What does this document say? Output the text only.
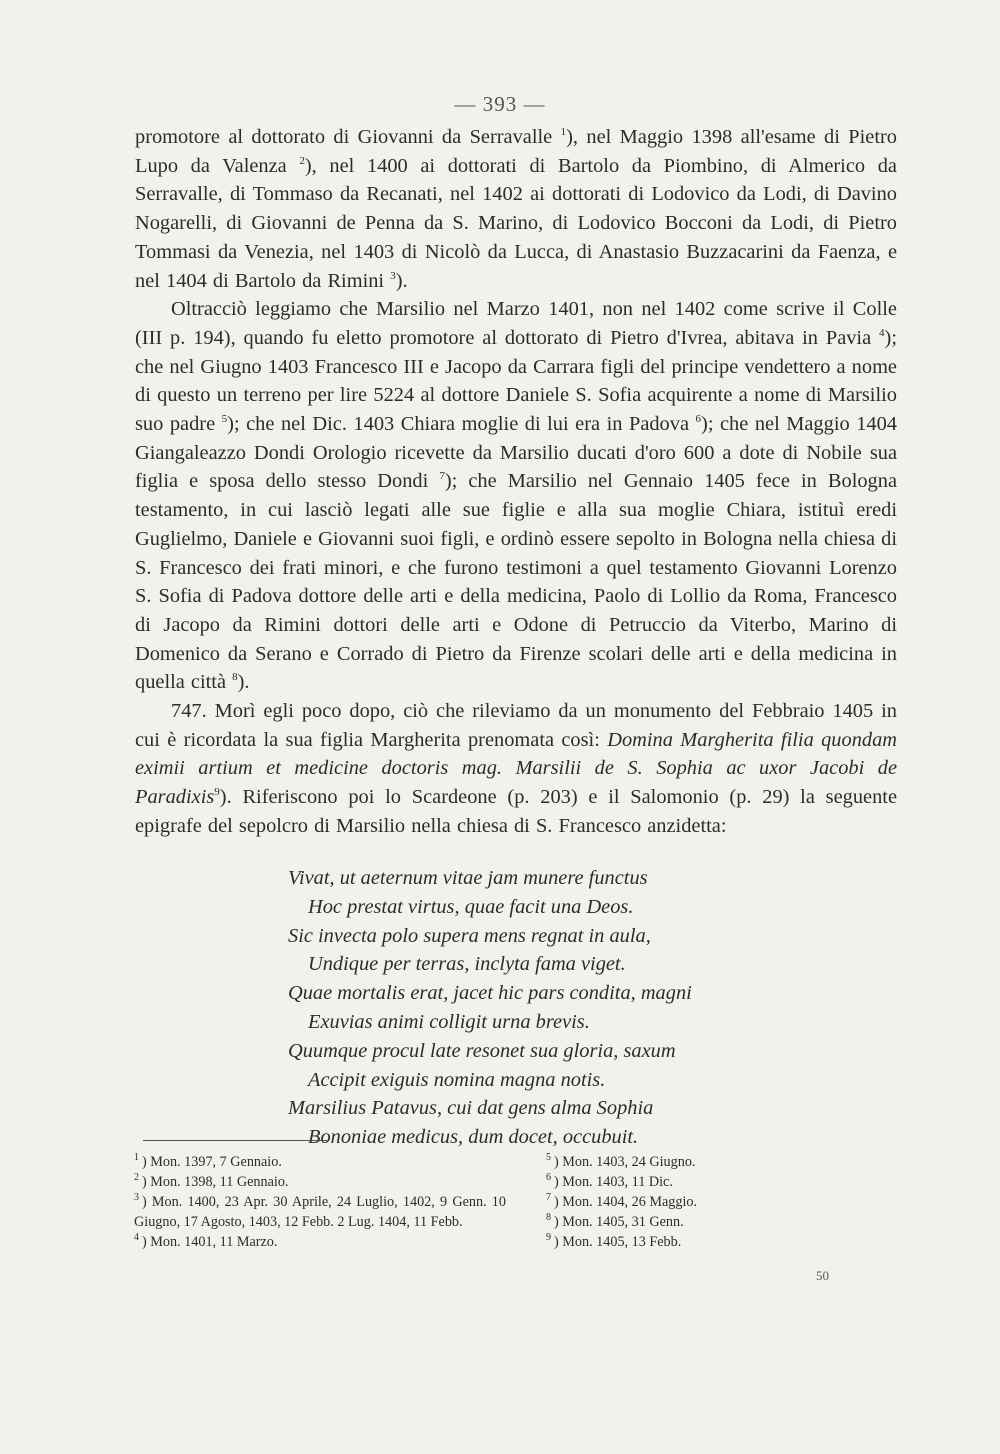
— 393 —

promotore al dottorato di Giovanni da Serravalle $^1$), nel Maggio 1398 all'esame di Pietro Lupo da Valenza $^2$), nel 1400 ai dottorati di Bartolo da Piombino, di Almerico da Serravalle, di Tommaso da Recanati, nel 1402 ai dottorati di Lodovico da Lodi, di Davino Nogarelli, di Giovanni de Penna da S. Marino, di Lodovico Bocconi da Lodi, di Pietro Tommasi da Venezia, nel 1403 di Nicolò da Lucca, di Anastasio Buzzacarini da Faenza, e nel 1404 di Bartolo da Rimini $^3$).

Oltracciò leggiamo che Marsilio nel Marzo 1401, non nel 1402 come scrive il Colle (III p. 194), quando fu eletto promotore al dottorato di Pietro d'Ivrea, abitava in Pavia $^4$); che nel Giugno 1403 Francesco III e Jacopo da Carrara figli del principe vendettero a nome di questo un terreno per lire 5224 al dottore Daniele S. Sofia acquirente a nome di Marsilio suo padre $^5$); che nel Dic. 1403 Chiara moglie di lui era in Padova $^6$); che nel Maggio 1404 Giangaleazzo Dondi Orologio ricevette da Marsilio ducati d'oro 600 a dote di Nobile sua figlia e sposa dello stesso Dondi $^7$); che Marsilio nel Gennaio 1405 fece in Bologna testamento, in cui lasciò legati alle sue figlie e alla sua moglie Chiara, istituì eredi Guglielmo, Daniele e Giovanni suoi figli, e ordinò essere sepolto in Bologna nella chiesa di S. Francesco dei frati minori, e che furono testimoni a quel testamento Giovanni Lorenzo S. Sofia di Padova dottore delle arti e della medicina, Paolo di Lollio da Roma, Francesco di Jacopo da Rimini dottori delle arti e Odone di Petruccio da Viterbo, Marino di Domenico da Serano e Corrado di Pietro da Firenze scolari delle arti e della medicina in quella città $^8$).

747. Morì egli poco dopo, ciò che rileviamo da un monumento del Febbraio 1405 in cui è ricordata la sua figlia Margherita prenomata così: Domina Margherita filia quondam eximii artium et medicine doctoris mag. Marsilii de S. Sophia ac uxor Jacobi de Paradixis$^9$). Riferiscono poi lo Scardeone (p. 203) e il Salomonio (p. 29) la seguente epigrafe del sepolcro di Marsilio nella chiesa di S. Francesco anzidetta:

Vivat, ut aeternum vitae jam munere functus
Hoc prestat virtus, quae facit una Deos.
Sic invecta polo supera mens regnat in aula,
Undique per terras, inclyta fama viget.
Quae mortalis erat, jacet hic pars condita, magni
Exuvias animi colligit urna brevis.
Quumque procul late resonet sua gloria, saxum
Accipit exiguis nomina magna notis.
Marsilius Patavus, cui dat gens alma Sophia
Bononiae medicus, dum docet, occubuit.

$^1$ ) Mon. 1397, 7 Gennaio.

$^2$ ) Mon. 1398, 11 Gennaio.

$^3$ ) Mon. 1400, 23 Apr. 30 Aprile, 24 Luglio, 1402, 9 Genn. 10 Giugno, 17 Agosto, 1403, 12 Febb. 2 Lug. 1404, 11 Febb.

$^4$ ) Mon. 1401, 11 Marzo.

$^5$ ) Mon. 1403, 24 Giugno.

$^6$ ) Mon. 1403, 11 Dic.

$^7$ ) Mon. 1404, 26 Maggio.

$^8$ ) Mon. 1405, 31 Genn.

$^9$ ) Mon. 1405, 13 Febb.

50
